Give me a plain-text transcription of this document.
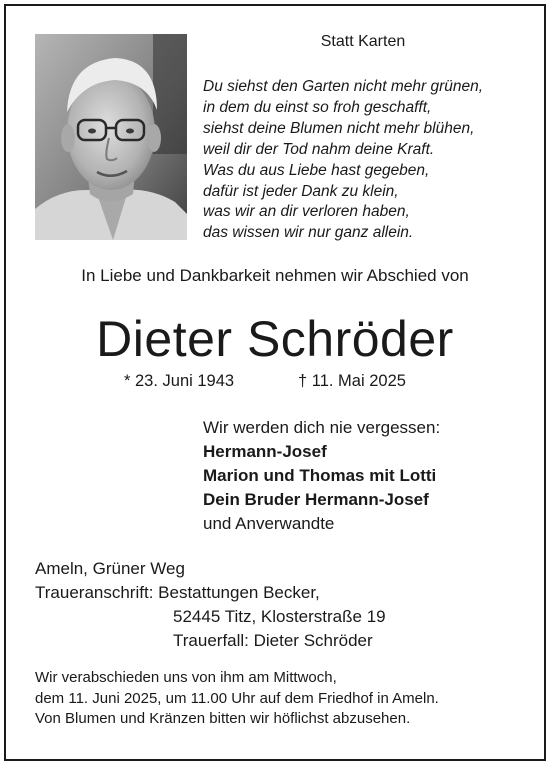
Statt Karten
Du siehst den Garten nicht mehr grünen,
in dem du einst so froh geschafft,
siehst deine Blumen nicht mehr blühen,
weil dir der Tod nahm deine Kraft.
Was du aus Liebe hast gegeben,
dafür ist jeder Dank zu klein,
was wir an dir verloren haben,
das wissen wir nur ganz allein.
In Liebe und Dankbarkeit nehmen wir Abschied von
Dieter Schröder
* 23. Juni 1943	† 11. Mai 2025
Wir werden dich nie vergessen:
Hermann-Josef
Marion und Thomas mit Lotti
Dein Bruder Hermann-Josef
und Anverwandte
Ameln, Grüner Weg
Traueranschrift: Bestattungen Becker,
52445 Titz, Klosterstraße 19
Trauerfall: Dieter Schröder
Wir verabschieden uns von ihm am Mittwoch,
dem 11. Juni 2025, um 11.00 Uhr auf dem Friedhof in Ameln.
Von Blumen und Kränzen bitten wir höflichst abzusehen.
